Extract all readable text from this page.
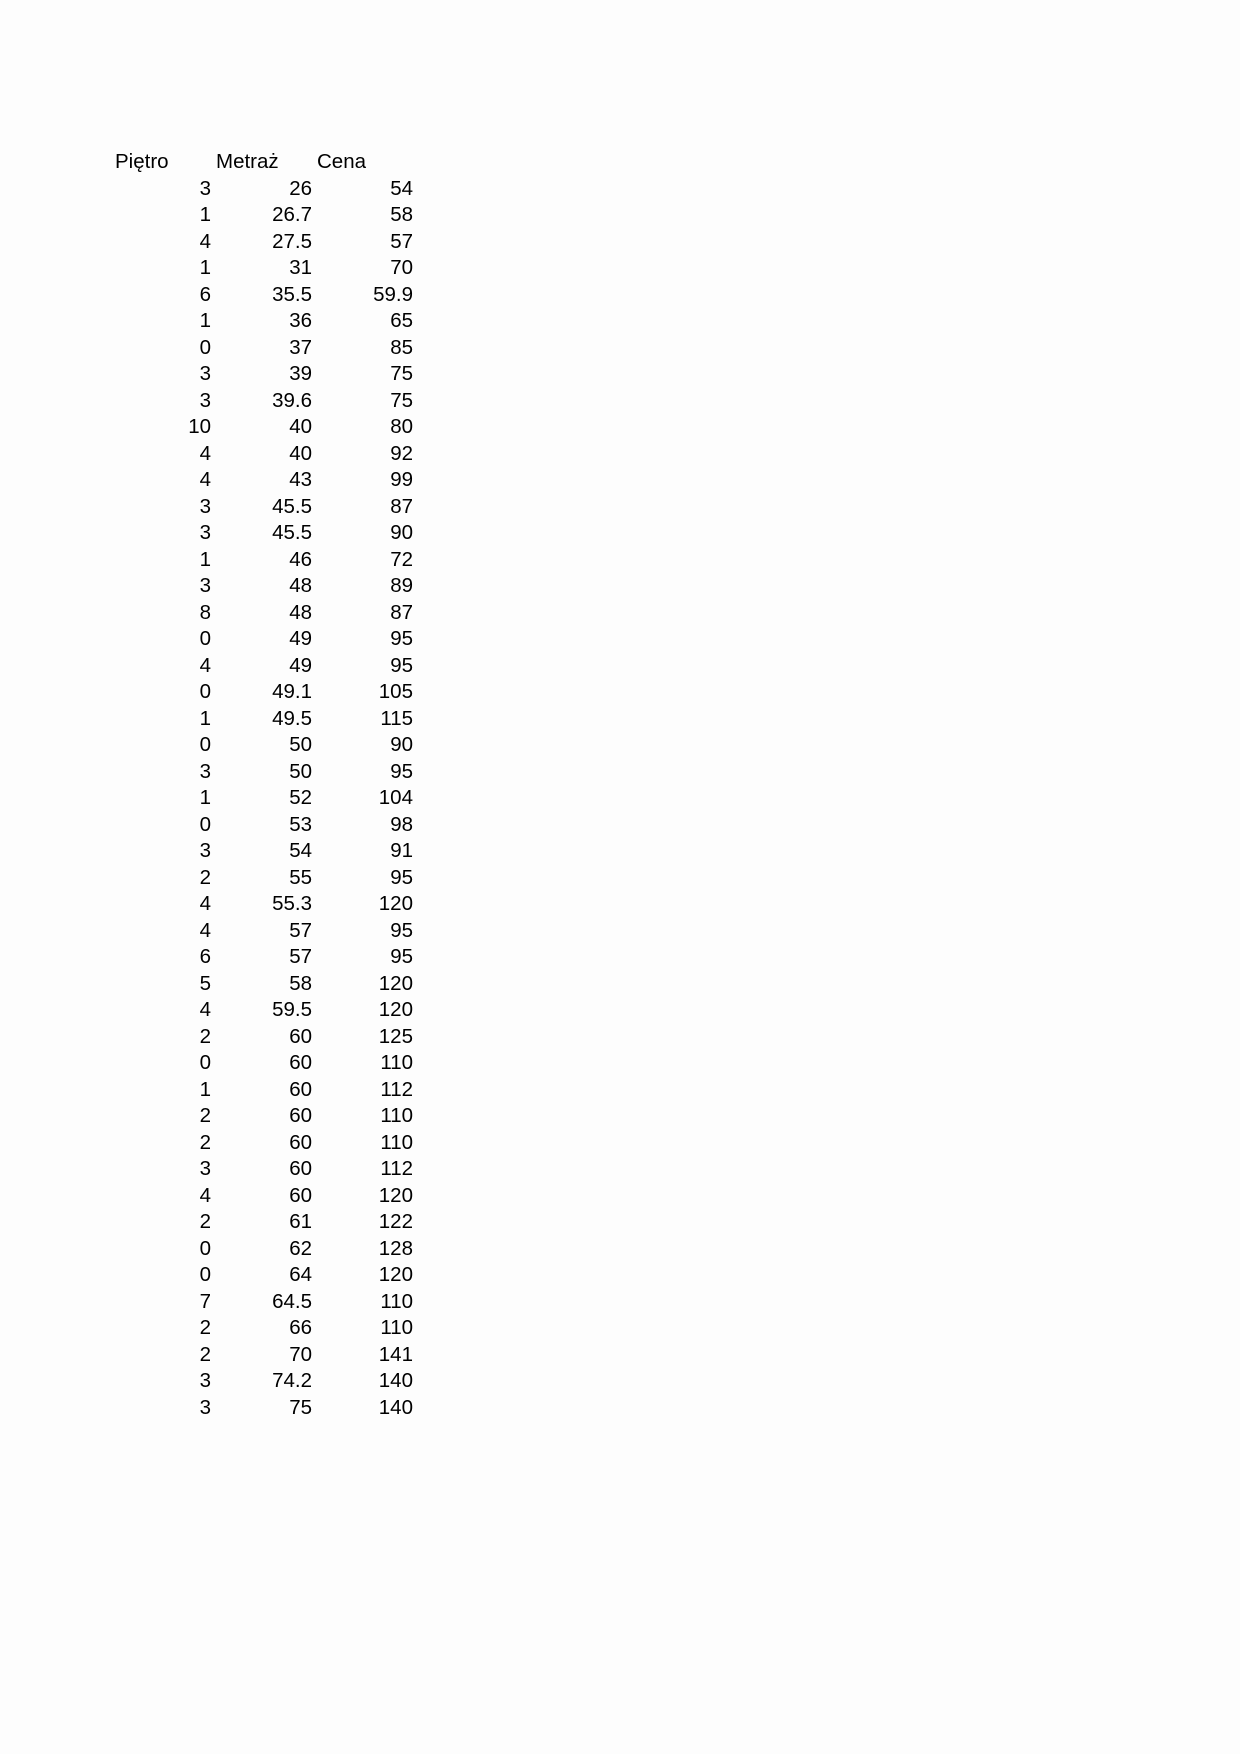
Piętro	Metraż	Cena
3	26	54
1	26.7	58
4	27.5	57
1	31	70
6	35.5	59.9
1	36	65
0	37	85
3	39	75
3	39.6	75
10	40	80
4	40	92
4	43	99
3	45.5	87
3	45.5	90
1	46	72
3	48	89
8	48	87
0	49	95
4	49	95
0	49.1	105
1	49.5	115
0	50	90
3	50	95
1	52	104
0	53	98
3	54	91
2	55	95
4	55.3	120
4	57	95
6	57	95
5	58	120
4	59.5	120
2	60	125
0	60	110
1	60	112
2	60	110
2	60	110
3	60	112
4	60	120
2	61	122
0	62	128
0	64	120
7	64.5	110
2	66	110
2	70	141
3	74.2	140
3	75	140
